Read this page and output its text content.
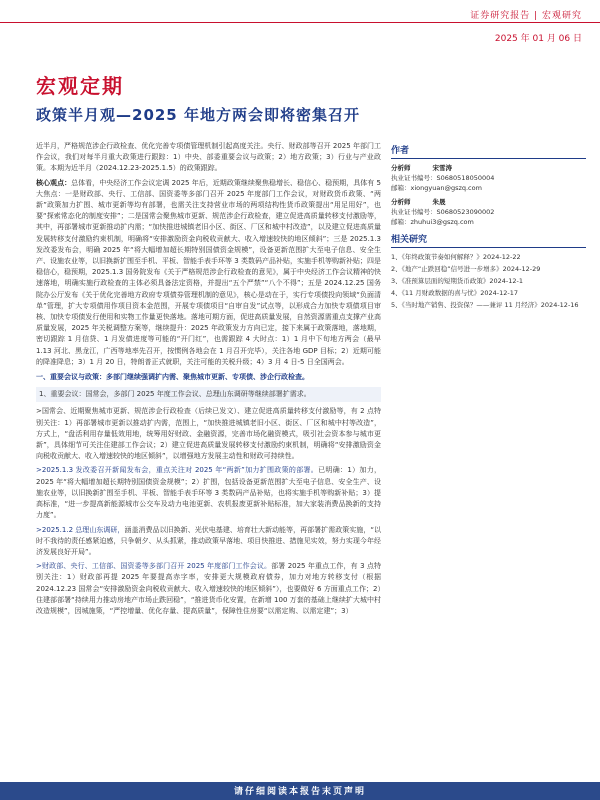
证券研究报告 | 宏观研究
2025 年 01 月 06 日
宏观定期
政策半月观—2025 年地方两会即将密集召开

近半月，严格规范涉企行政检查、优化完善专项债管理机制引起高度关注。央行、财政部等召开 2025 年部门工作会议，我们对每半月重大政策进行跟踪：1）中央、部委重要会议与政策；2）地方政策；3）行业与产业政策。本期为近半月（2024.12.23-2025.1.5）的政策跟踪。

核心观点：总体看，中央经济工作会议定调 2025 年后，近期政策继续聚焦稳增长、稳信心、稳预期，具体有 5 大焦点：一是财政部、央行、工信部、国资委等多部门召开 2025 年度部门工作会议，对财政货币政策、“两新”政策加力扩围、城市更新等均有部署，也需关注支持营业市场的两项结构性货币政策提出“用足用好”，也要“探索常态化的制度安排”；二是国常会聚焦城市更新、规范涉企行政检查，建立促进高质量转移支付激励等，其中，再部署城市更新推动扩内需；“加快推进城镇老旧小区、街区、厂区和城中村改造”，以及建立促进高质量发展转移支付激励约束机制，明确将“安排激励资金向税收贡献大、收入增速较快的地区倾斜”；三是 2025.1.3 发改委发布会，明确 2025 年“将大幅增加超长期特别国债资金规模”，设备更新范围扩大至电子信息、安全生产、设施农业等，以旧换新扩围至手机、平板、智能手表手环等 3 类数码产品补贴，实施手机等购新补贴；四是稳信心，稳预期，2025.1.3 国务院发布《关于严格规范涉企行政检查的意见》，属于中央经济工作会议精神的快速落地，明确实施行政检查的主体必须具备法定资格，并提出“五个严禁”“八个不得”；五是 2024.12.25 国务院办公厅发布《关于优化完善地方政府专项债券管理机制的意见》，核心是动在于，实行专项债投向领域“负面清单”管理，扩大专项债用作项目资本金范围，开展专项债项目“自审自发”试点等，以形成合力加快专项债项目审核、加快专项债发行使用和实物工作量更快落地。落地可期方面，促进高质量发展，自然资源需重点支撑产业高质量发展，2025 年关税调整方案等，继续提升：2025 年政策发力方向已定，接下来属于政策落地，落地期，密切跟踪 1 月信贷、1 月发债进度等可能的“开门红”，也需跟踪 4 大时点：1）1 月中下旬地方两会（最早 1.13 河北、黑龙江，广西等地率先召开，按惯例各地会在 1 月召开完毕），关注各地 GDP 目标；2）近期可能的降准降息；3）1 月 20 日，特朗普正式就职，关注可能的关税升级；4）3 月 4 日-5 日全国两会。

一、重要会议与政策：多部门继续强调扩内需、聚焦城市更新、专项债、涉企行政检查。
1、重要会议：国常会，多部门 2025 年度工作会议、总理山东调研等继续部署扩需求。

>国常会、近期聚焦城市更新、规范涉企行政检查（后续已发文）、建立促进高质量转移支付激励等，有 2 点特别关注：1）再部署城市更新以推动扩内需，范围上，“加快推进城镇老旧小区、街区、厂区和城中村等改造”，方式上，“盘活利用存量低效用地，统筹用好财政、金融资源，完善市场化融资模式，吸引社会资本参与城市更新”，具体细节可关注住建部工作会议；2）建立促进高质量发展转移支付激励约束机制，明确将“安排激励资金向税收贡献大、收入增速较快的地区倾斜”，以增强地方发展主动性和财政可持续性。

>2025.1.3 发改委召开新闻发布会，重点关注对 2025 年“两新”加力扩围政策的部署。已明确：1）加力，2025 年“将大幅增加超长期特别国债资金规模”；2）扩围，包括设备更新范围扩大至电子信息、安全生产、设施农业等，以旧换新扩围至手机、平板、智能手表手环等 3 类数码产品补贴，也将实施手机等购新补贴；3）提高标准，“进一步提高新能源城市公交车及动力电池更新、农机报废更新补贴标准，加大家装消费品换新的支持力度”。

>2025.1.2 总理山东调研，涵盖消费品以旧换新、光伏电基建、培育壮大新动能等，再部署扩需政策实施，“以时不我待的责任感紧迫感，只争朝夕、从头抓紧，推动政策早落地、项目快推进、措施见实效，努力实现今年经济发展良好开局”。

>财政部、央行、工信部、国资委等多部门召开 2025 年度部门工作会议。部署 2025 年重点工作，有 3 点特别关注：1）财政部再提 2025 年要提高赤字率，安排更大规模政府债券，加力对地方转移支付（根据 2024.12.23 国常会“安排激励资金向税收贡献大、收入增速较快的地区倾斜”），也要做好 6 方面重点工作；2）住建部部署“持续用力推动房地产市场止跌回稳”，“推进货币化安置，在新增 100 万套的基础上继续扩大城中村改造规模”，因城施策，“严控增量、优化存量、提高质量”，保障性住房要“以需定购、以需定建”；3）

作者
分析师	宋雪涛
执业证书编号：S0680518050004
邮箱：xiongyuan@gszq.com
分析师	朱晟
执业证书编号：S0680523090002
邮箱：zhuhui3@gszq.com
相关研究
1、《年终政策节奏如何解释？》2024-12-22
2、《地产“止跌回稳”信号进一步增多》2024-12-29
3、《准预算层面的短期货币政策》2024-12-1
4、《11 月财政数据的喜与忧》2024-12-17
5、《当时地产销售、投资保？——兼评 11 月经济》2024-12-16
请仔细阅读本报告末页声明
